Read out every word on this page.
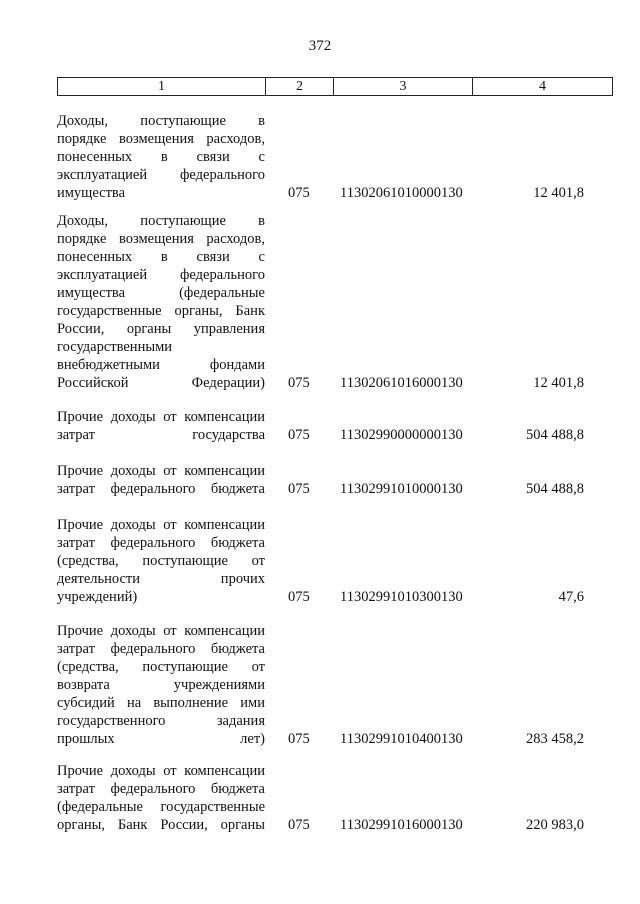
372
1	2	3	4
Доходы, поступающие в
порядке возмещения расходов,
понесенных в связи с
эксплуатацией федерального
имущества	075	11302061010000130	12 401,8
Доходы, поступающие в
порядке возмещения расходов,
понесенных в связи с
эксплуатацией федерального
имущества (федеральные
государственные органы, Банк
России, органы управления
государственными
внебюджетными фондами
Российской Федерации) 075	11302061016000130	12 401,8
Прочие доходы от компенсации
затрат государства 075	11302990000000130	504 488,8
Прочие доходы от компенсации
затрат федерального бюджета 075	11302991010000130	504 488,8
Прочие доходы от компенсации
затрат федерального бюджета
(средства, поступающие от
деятельности прочих
учреждений)	075	11302991010300130	47,6
Прочие доходы от компенсации
затрат федерального бюджета
(средства, поступающие от
возврата учреждениями
субсидий на выполнение ими
государственного задания
прошлых лет) 075	11302991010400130	283 458,2
Прочие доходы от компенсации
затрат федерального бюджета
(федеральные государственные
органы, Банк России, органы 075	11302991016000130	220 983,0
